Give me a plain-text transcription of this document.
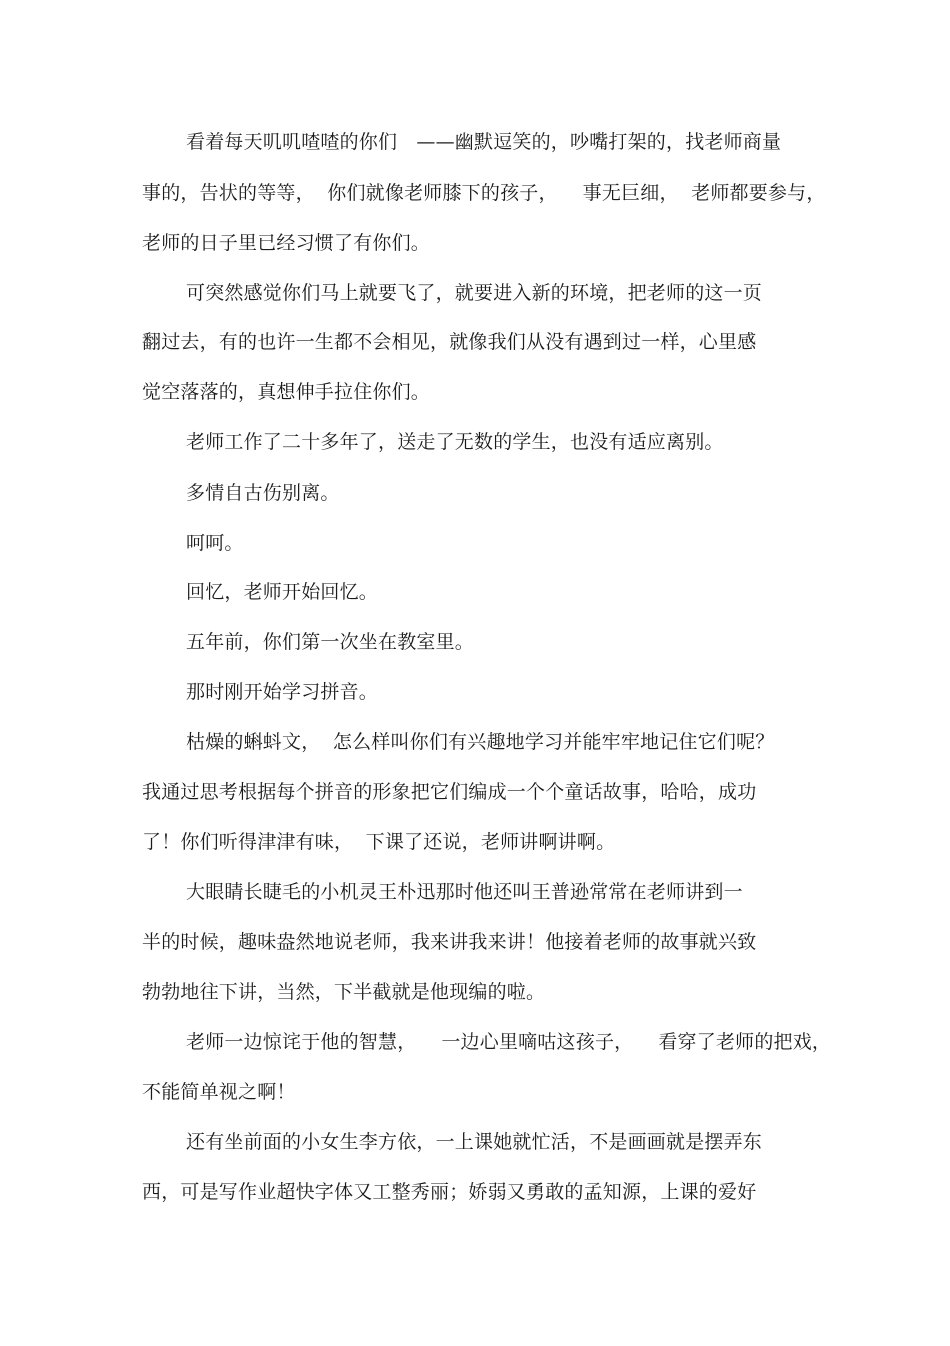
看着每天叽叽喳喳的你们　——幽默逗笑的，吵嘴打架的，找老师商量
事的，告状的等等，  你们就像老师膝下的孩子，    事无巨细，  老师都要参与，
老师的日子里已经习惯了有你们。
可突然感觉你们马上就要飞了，就要进入新的环境，把老师的这一页
翻过去，有的也许一生都不会相见，就像我们从没有遇到过一样，心里感
觉空落落的，真想伸手拉住你们。
老师工作了二十多年了，送走了无数的学生，也没有适应离别。
多情自古伤别离。
呵呵。
回忆，老师开始回忆。
五年前，你们第一次坐在教室里。
那时刚开始学习拼音。
枯燥的蝌蚪文，  怎么样叫你们有兴趣地学习并能牢牢地记住它们呢？
我通过思考根据每个拼音的形象把它们编成一个个童话故事，哈哈，成功
了！你们听得津津有味，  下课了还说，老师讲啊讲啊。
大眼睛长睫毛的小机灵王朴迅那时他还叫王普逊常常在老师讲到一
半的时候，趣味盎然地说老师，我来讲我来讲！他接着老师的故事就兴致
勃勃地往下讲，当然，下半截就是他现编的啦。
老师一边惊诧于他的智慧，    一边心里嘀咕这孩子，    看穿了老师的把戏，
不能简单视之啊！
还有坐前面的小女生李方依，一上课她就忙活，不是画画就是摆弄东
西，可是写作业超快字体又工整秀丽；娇弱又勇敢的孟知源，上课的爱好
